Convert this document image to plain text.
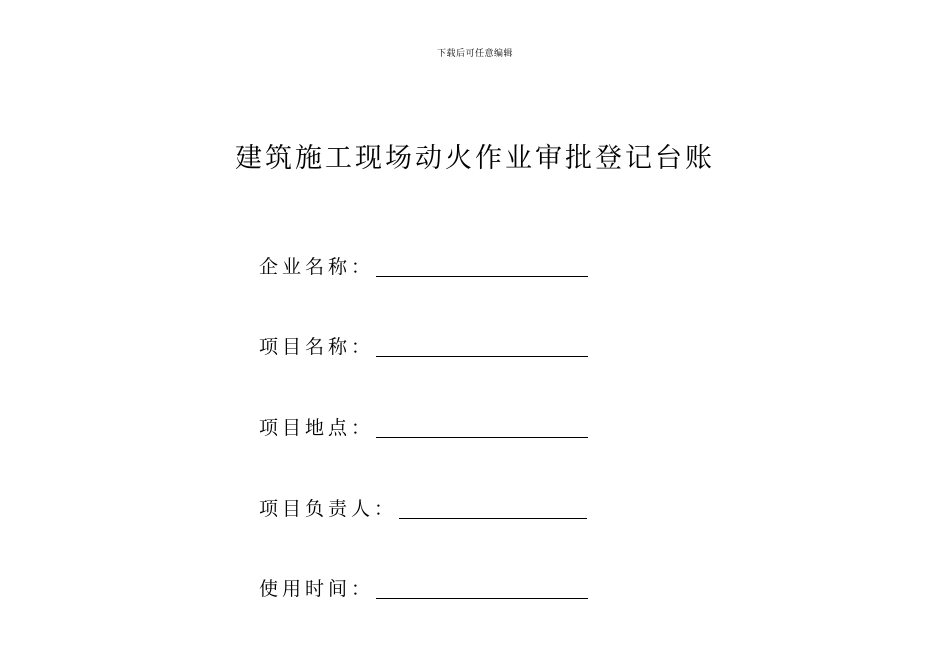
下载后可任意编辑
建筑施工现场动火作业审批登记台账
企业名称：
项目名称：
项目地点：
项目负责人：
使用时间：
